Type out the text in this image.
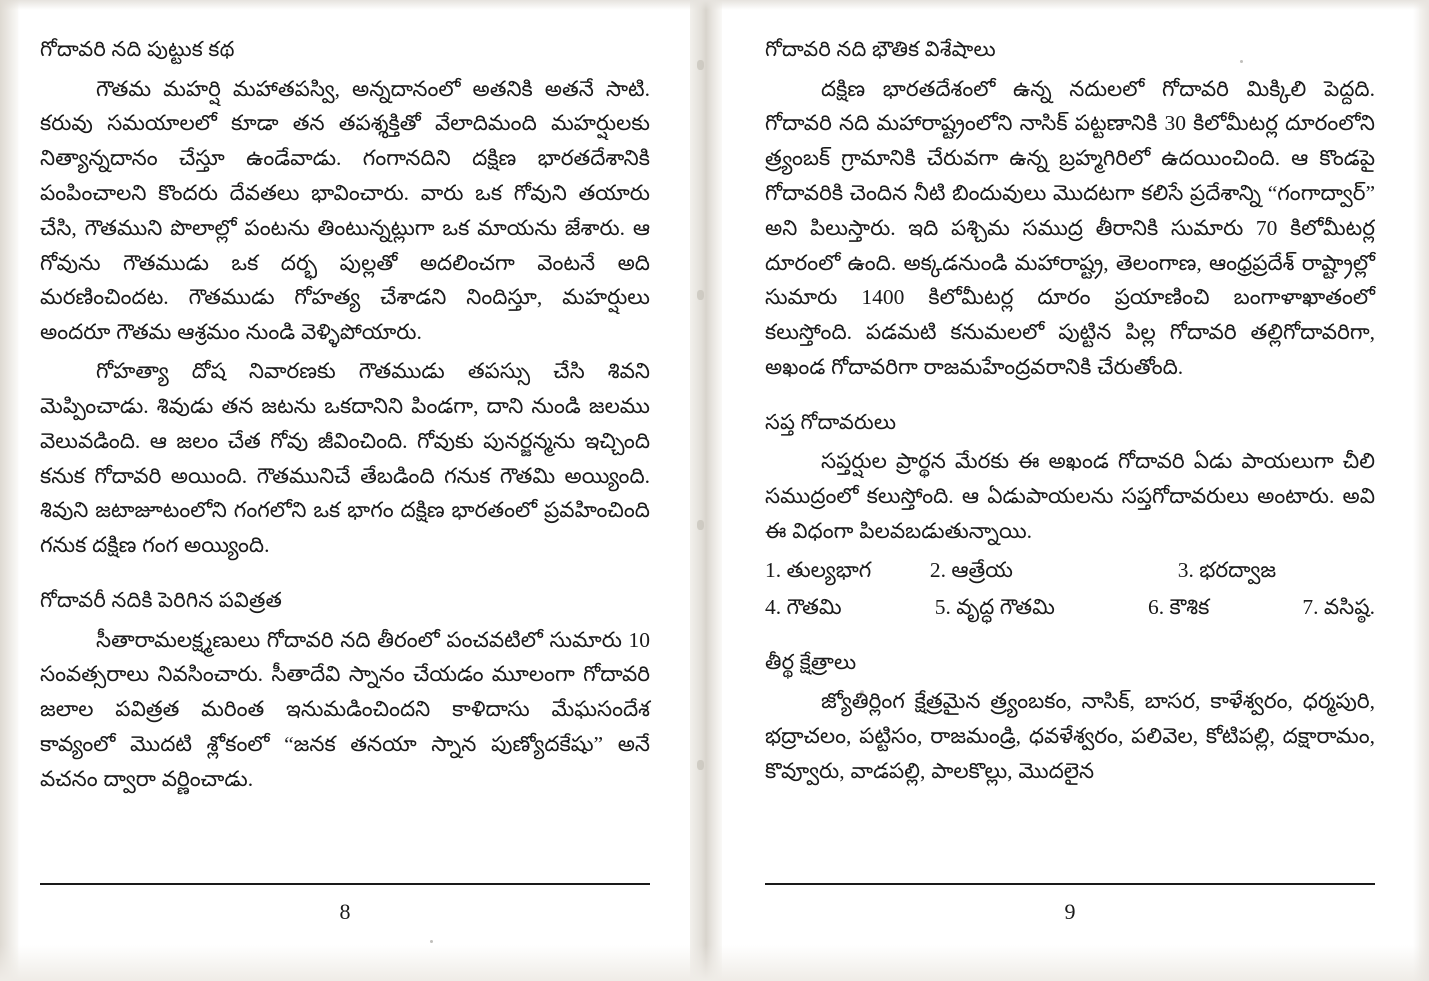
గోదావరి నది పుట్టుక కథ

గౌతమ మహర్షి మహాతపస్వి, అన్నదానంలో అతనికి అతనే సాటి. కరువు సమయాలలో కూడా తన తపశ్శక్తితో వేలాదిమంది మహర్షులకు నిత్యాన్నదానం చేస్తూ ఉండేవాడు. గంగానదిని దక్షిణ భారతదేశానికి పంపించాలని కొందరు దేవతలు భావించారు. వారు ఒక గోవుని తయారు చేసి, గౌతముని పొలాల్లో పంటను తింటున్నట్లుగా ఒక మాయను జేశారు. ఆ గోవును గౌతముడు ఒక దర్భ పుల్లతో అదలించగా వెంటనే అది మరణించిందట. గౌతముడు గోహత్య చేశాడని నిందిస్తూ, మహర్షులు అందరూ గౌతమ ఆశ్రమం నుండి వెళ్ళిపోయారు.

గోహత్యా దోష నివారణకు గౌతముడు తపస్సు చేసి శివని మెప్పించాడు. శివుడు తన జటను ఒకదానిని పిండగా, దాని నుండి జలము వెలువడింది. ఆ జలం చేత గోవు జీవించింది. గోవుకు పునర్జన్మను ఇచ్చింది కనుక గోదావరి అయింది. గౌతమునిచే తేబడింది గనుక గౌతమి అయ్యింది. శివుని జటాజూటంలోని గంగలోని ఒక భాగం దక్షిణ భారతంలో ప్రవహించింది గనుక దక్షిణ గంగ అయ్యింది.

గోదావరీ నదికి పెరిగిన పవిత్రత

సీతారామలక్ష్మణులు గోదావరి నది తీరంలో పంచవటిలో సుమారు 10 సంవత్సరాలు నివసించారు. సీతాదేవి స్నానం చేయడం మూలంగా గోదావరి జలాల పవిత్రత మరింత ఇనుమడించిందని కాళిదాసు మేఘసందేశ కావ్యంలో మొదటి శ్లోకంలో “జనక తనయా స్నాన పుణ్యోదకేషు” అనే వచనం ద్వారా వర్ణించాడు.

8
గోదావరి నది భౌతిక విశేషాలు

దక్షిణ భారతదేశంలో ఉన్న నదులలో గోదావరి మిక్కిలి పెద్దది. గోదావరి నది మహారాష్ట్రంలోని నాసిక్ పట్టణానికి 30 కిలోమీటర్ల దూరంలోని త్ర్యంబక్ గ్రామానికి చేరువగా ఉన్న బ్రహ్మగిరిలో ఉదయించింది. ఆ కొండపై గోదావరికి చెందిన నీటి బిందువులు మొదటగా కలిసే ప్రదేశాన్ని “గంగాద్వార్” అని పిలుస్తారు. ఇది పశ్చిమ సముద్ర తీరానికి సుమారు 70 కిలోమీటర్ల దూరంలో ఉంది. అక్కడనుండి మహారాష్ట్ర, తెలంగాణ, ఆంధ్రప్రదేశ్ రాష్ట్రాల్లో సుమారు 1400 కిలోమీటర్ల దూరం ప్రయాణించి బంగాళాఖాతంలో కలుస్తోంది. పడమటి కనుమలలో పుట్టిన పిల్ల గోదావరి తల్లిగోదావరిగా, అఖండ గోదావరిగా రాజమహేంద్రవరానికి చేరుతోంది.

సప్త గోదావరులు

సప్తర్షుల ప్రార్థన మేరకు ఈ అఖండ గోదావరి ఏడు పాయలుగా చీలి సముద్రంలో కలుస్తోంది. ఆ ఏడుపాయలను సప్తగోదావరులు అంటారు. అవి ఈ విధంగా పిలవబడుతున్నాయి.

1. తుల్యభాగ	2. ఆత్రేయ	3. భరద్వాజ
4. గౌతమి	5. వృద్ధ గౌతమి	6. కౌశిక	7. వసిష్ఠ.
తీర్థ క్షేత్రాలు

జ్యోతిర్లింగ క్షేత్రమైన త్ర్యంబకం, నాసిక్, బాసర, కాళేశ్వరం, ధర్మపురి, భద్రాచలం, పట్టిసం, రాజమండ్రి, ధవళేశ్వరం, పలివెల, కోటిపల్లి, దక్షారామం, కొవ్వూరు, వాడపల్లి, పాలకొల్లు, మొదలైన

9
